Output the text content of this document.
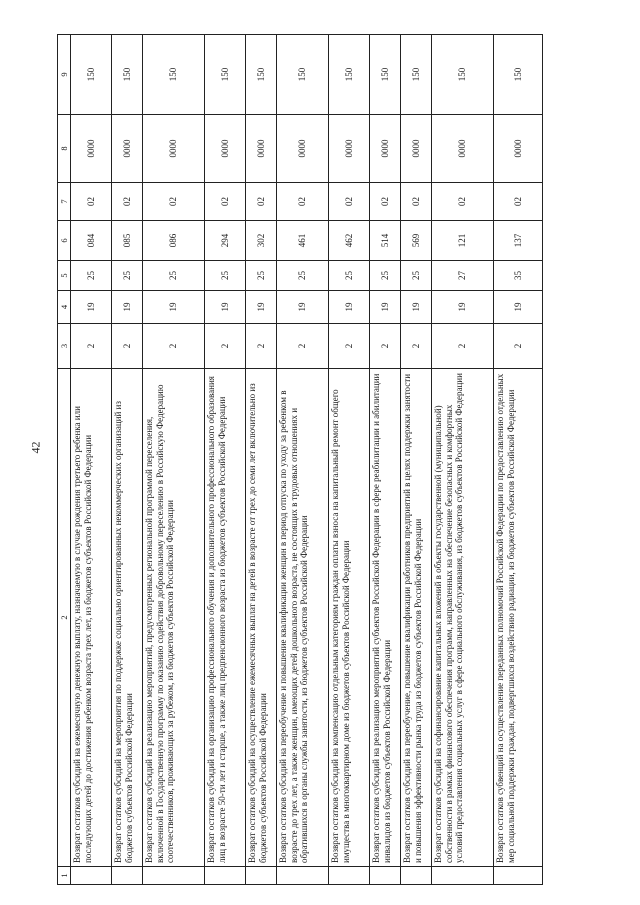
42
1	2	3	4	5	6	7	8	9
	Возврат остатков субсидий на ежемесячную денежную выплату, назначаемую в случае рождения третьего ребенка или последующих детей до достижения ребенком возраста трех лет, из бюджетов субъектов Российской Федерации	2	19	25	084	02	0000	150
	Возврат остатков субсидий на мероприятия по поддержке социально ориентированных некоммерческих организаций из бюджетов субъектов Российской Федерации	2	19	25	085	02	0000	150
	Возврат остатков субсидий на реализацию мероприятий, предусмотренных региональной программой переселения, включенной в Государственную программу по оказанию содействия добровольному переселению в Российскую Федерацию соотечественников, проживающих за рубежом, из бюджетов субъектов Российской Федерации	2	19	25	086	02	0000	150
	Возврат остатков субсидий на организацию профессионального обучения и дополнительного профессионального образования лиц в возрасте 50-ти лет и старше, а также лиц предпенсионного возраста из бюджетов субъектов Российской Федерации	2	19	25	294	02	0000	150
	Возврат остатков субсидий на осуществление ежемесячных выплат на детей в возрасте от трех до семи лет включительно из бюджетов субъектов Российской Федерации	2	19	25	302	02	0000	150
	Возврат остатков субсидий на переобучение и повышение квалификации женщин в период отпуска по уходу за ребенком в возрасте до трех лет, а также женщин, имеющих детей дошкольного возраста, не состоящих в трудовых отношениях и обратившихся в органы службы занятости, из бюджетов субъектов Российской Федерации	2	19	25	461	02	0000	150
	Возврат остатков субсидий на компенсацию отдельным категориям граждан оплаты взноса на капитальный ремонт общего имущества в многоквартирном доме из бюджетов субъектов Российской Федерации	2	19	25	462	02	0000	150
	Возврат остатков субсидий на реализацию мероприятий субъектов Российской Федерации в сфере реабилитации и абилитации инвалидов из бюджетов субъектов Российской Федерации	2	19	25	514	02	0000	150
	Возврат остатков субсидий на переобучение, повышение квалификации работников предприятий в целях поддержки занятости и повышения эффективности рынка труда из бюджетов субъектов Российской Федерации	2	19	25	569	02	0000	150
	Возврат остатков субсидий на софинансирование капитальных вложений в объекты государственной (муниципальной) собственности в рамках финансового обеспечения программ, направленных на обеспечение безопасных и комфортных условий предоставления социальных услуг в сфере социального обслуживания, из бюджетов субъектов Российской Федерации	2	19	27	121	02	0000	150
	Возврат остатков субвенций на осуществление переданных полномочий Российской Федерации по предоставлению отдельных мер социальной поддержки граждан, подвергшихся воздействию радиации, из бюджетов субъектов Российской Федерации	2	19	35	137	02	0000	150
